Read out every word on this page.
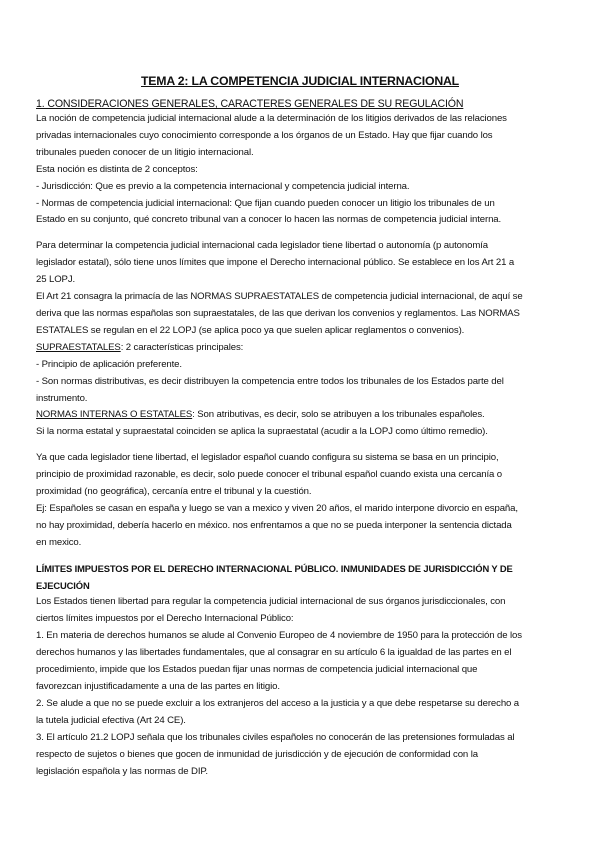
TEMA 2: LA COMPETENCIA JUDICIAL INTERNACIONAL
1. CONSIDERACIONES GENERALES, CARACTERES GENERALES DE SU REGULACIÓN
La noción de competencia judicial internacional alude a la determinación de los litigios derivados de las relaciones
privadas internacionales cuyo conocimiento corresponde a los órganos de un Estado. Hay que fijar cuando los
tribunales pueden conocer de un litigio internacional.
Esta noción es distinta de 2 conceptos:
- Jurisdicción: Que es previo a la competencia internacional y competencia judicial interna.
- Normas de competencia judicial internacional: Que fijan cuando pueden conocer un litigio los tribunales de un
Estado en su conjunto, qué concreto tribunal van a conocer lo hacen las normas de competencia judicial interna.
Para determinar la competencia judicial internacional cada legislador tiene libertad o autonomía (p autonomía
legislador estatal), sólo tiene unos límites que impone el Derecho internacional público. Se establece en los Art 21 a
25 LOPJ.
El Art 21 consagra la primacía de las NORMAS SUPRAESTATALES de competencia judicial internacional, de aquí se
deriva que las normas españolas son supraestatales, de las que derivan los convenios y reglamentos. Las NORMAS
ESTATALES se regulan en el 22 LOPJ (se aplica poco ya que suelen aplicar reglamentos o convenios).
SUPRAESTATALES: 2 características principales:
- Principio de aplicación preferente.
- Son normas distributivas, es decir distribuyen la competencia entre todos los tribunales de los Estados parte del
instrumento.
NORMAS INTERNAS O ESTATALES: Son atributivas, es decir, solo se atribuyen a los tribunales españoles.
Si la norma estatal y supraestatal coinciden se aplica la supraestatal (acudir a la LOPJ como último remedio).
Ya que cada legislador tiene libertad, el legislador español cuando configura su sistema se basa en un principio,
principio de proximidad razonable, es decir, solo puede conocer el tribunal español cuando exista una cercanía o
proximidad (no geográfica), cercanía entre el tribunal y la cuestión.
Ej: Españoles se casan en españa y luego se van a mexico y viven 20 años, el marido interpone divorcio en españa,
no hay proximidad, debería hacerlo en méxico. nos enfrentamos a que no se pueda interponer la sentencia dictada
en mexico.
LÍMITES IMPUESTOS POR EL DERECHO INTERNACIONAL PÚBLICO. INMUNIDADES DE JURISDICCIÓN Y DE
EJECUCIÓN
Los Estados tienen libertad para regular la competencia judicial internacional de sus órganos jurisdiccionales, con
ciertos límites impuestos por el Derecho Internacional Público:
1. En materia de derechos humanos se alude al Convenio Europeo de 4 noviembre de 1950 para la protección de los
derechos humanos y las libertades fundamentales, que al consagrar en su artículo 6 la igualdad de las partes en el
procedimiento, impide que los Estados puedan fijar unas normas de competencia judicial internacional que
favorezcan injustificadamente a una de las partes en litigio.
2. Se alude a que no se puede excluir a los extranjeros del acceso a la justicia y a que debe respetarse su derecho a
la tutela judicial efectiva (Art 24 CE).
3. El artículo 21.2 LOPJ señala que los tribunales civiles españoles no conocerán de las pretensiones formuladas al
respecto de sujetos o bienes que gocen de inmunidad de jurisdicción y de ejecución de conformidad con la
legislación española y las normas de DIP.
